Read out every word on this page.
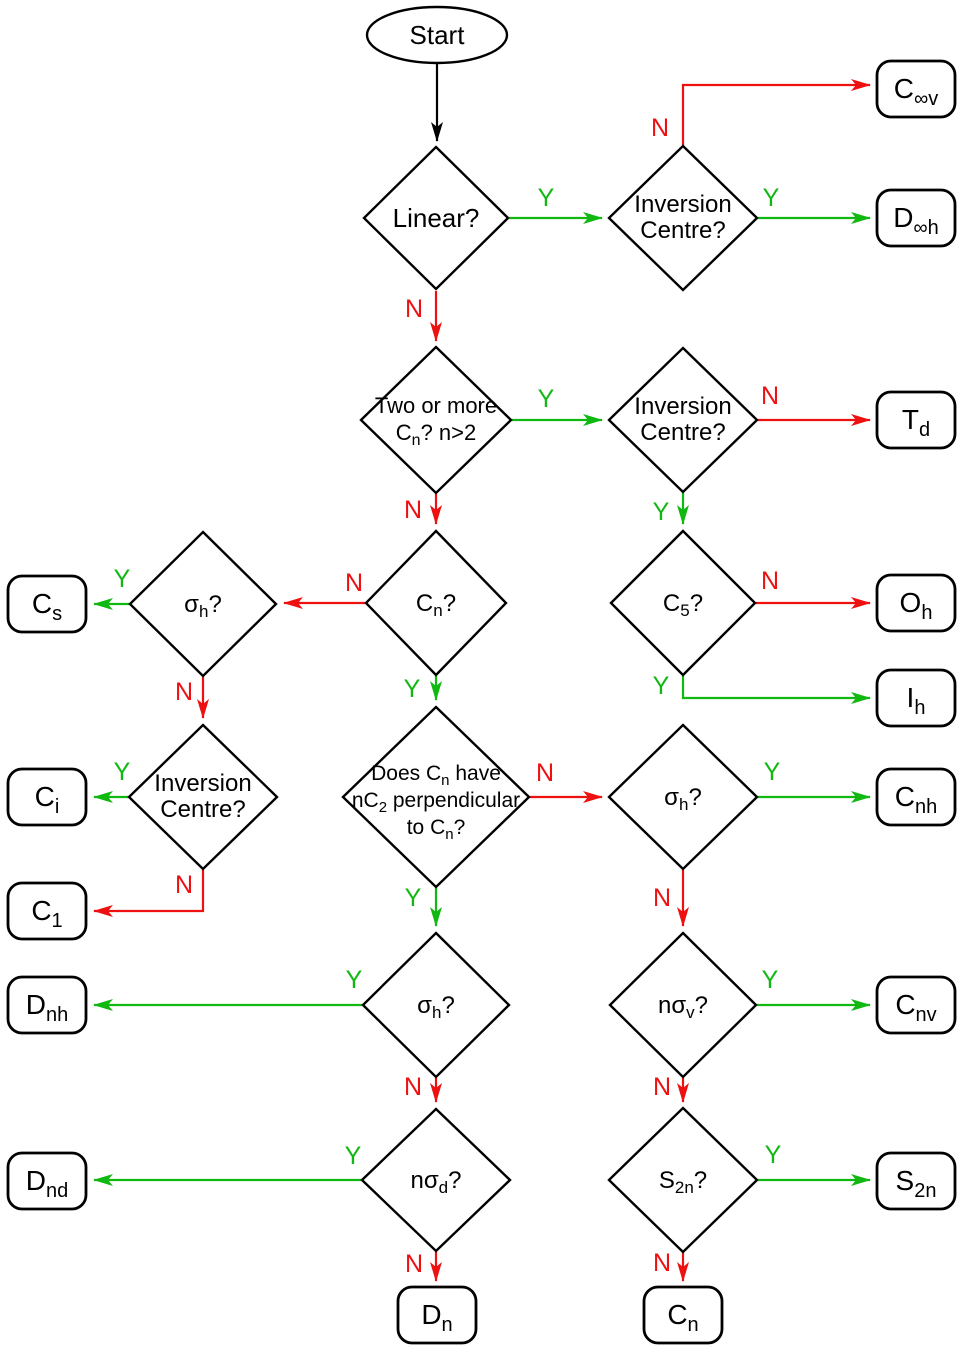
Y
N
Y
N
Y
N
N
Y
N
Y
N
Y
Y
N
Y
N
N
Y
Y
N
Y
N
Y
N
Y
N
Y
N
Start
Linear?	Inversion
Centre?
Two or more
$C_n$? n>2
Inversion
Centre?
$C_n$?	$C_5$?
$\sigma_h$?
Inversion
Centre?
Does $C_n$ have
$nC_2$ perpendicular
to $C_n$?
$\sigma_h$?
$\sigma_h$?	$n\sigma_v$?
$n\sigma_d$?	$S_{2n}$?
$C_{\infty v}$
$D_{\infty h}$
$T_d$
$O_h$
$I_h$
$C_{nh}$
$C_{nv}$
$S_{2n}$
$C_s$
$C_i$
$C_1$
$D_{nh}$
$D_{nd}$
$D_n$	$C_n$
